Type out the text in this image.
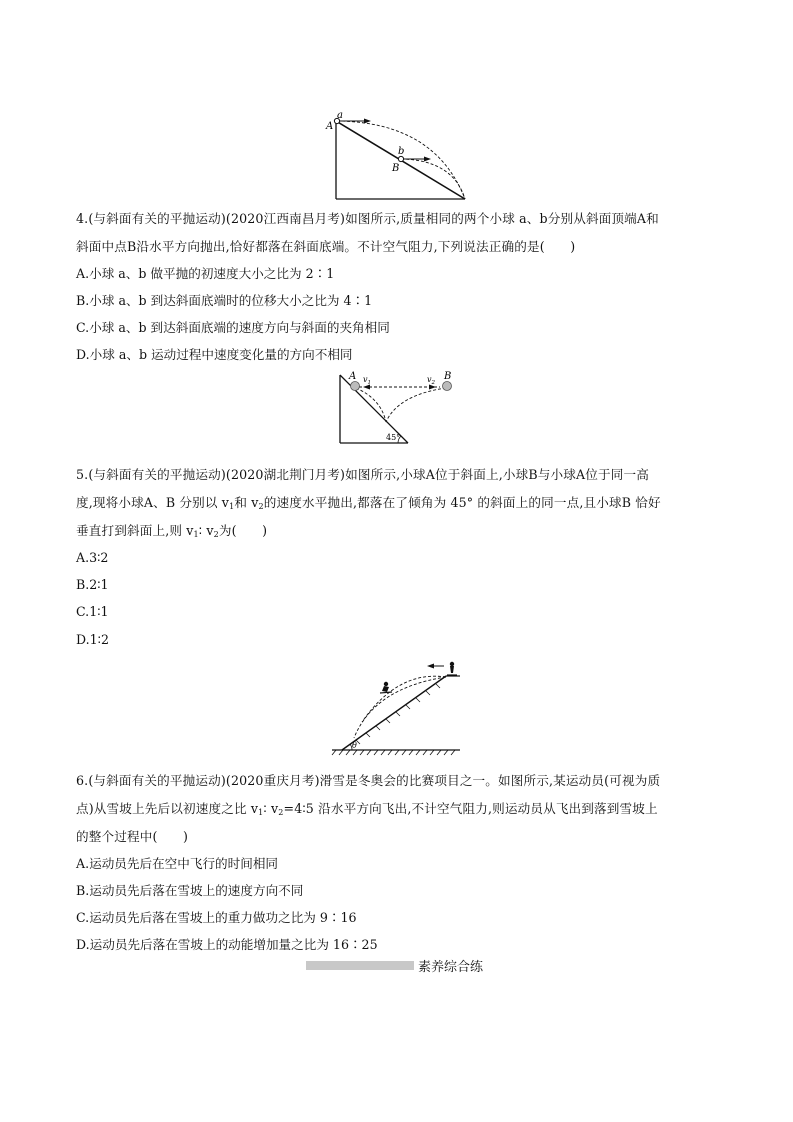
A
a
b
B
4.(与斜面有关的平抛运动)(2020江西南昌月考)如图所示,质量相同的两个小球 a、b分别从斜面顶端A和
斜面中点B沿水平方向抛出,恰好都落在斜面底端。不计空气阻力,下列说法正确的是(　　)
A.小球 a、b 做平抛的初速度大小之比为 2∶1
B.小球 a、b 到达斜面底端时的位移大小之比为 4∶1
C.小球 a、b 到达斜面底端的速度方向与斜面的夹角相同
D.小球 a、b 运动过程中速度变化量的方向不相同
A	B
$v_1$	$v_2$
45°
5.(与斜面有关的平抛运动)(2020湖北荆门月考)如图所示,小球A位于斜面上,小球B与小球A位于同一高
度,现将小球A、B 分别以 $v_1$和 $v_2$的速度水平抛出,都落在了倾角为 45° 的斜面上的同一点,且小球B 恰好
垂直打到斜面上,则 $v_1∶$ $v_2$为(　　)
A.3∶2
B.2∶1
C.1∶1
D.1∶2
θ
6.(与斜面有关的平抛运动)(2020重庆月考)滑雪是冬奥会的比赛项目之一。如图所示,某运动员(可视为质
点)从雪坡上先后以初速度之比 $v_1∶$ $v_2=4∶5$ 沿水平方向飞出,不计空气阻力,则运动员从飞出到落到雪坡上
的整个过程中(　　)
A.运动员先后在空中飞行的时间相同
B.运动员先后落在雪坡上的速度方向不同
C.运动员先后落在雪坡上的重力做功之比为 9∶16
D.运动员先后落在雪坡上的动能增加量之比为 16∶25
素养综合练
